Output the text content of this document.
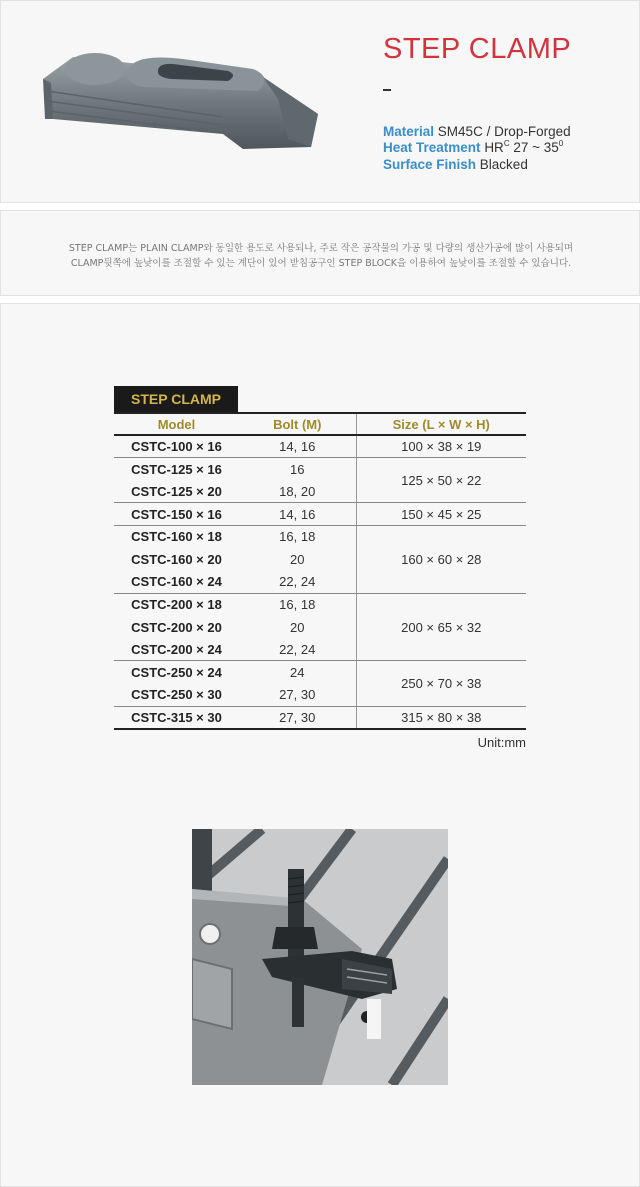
STEP CLAMP
Material SM45C / Drop-Forged
Heat Treatment $HR^C$ 27 ~ $35^0$
Surface Finish Blacked
STEP CLAMP는 PLAIN CLAMP와 동일한 용도로 사용되나, 주로 작은 공작물의 가공 및 다량의 생산가공에 많이 사용되며
CLAMP뒷쪽에 높낮이를 조절할 수 있는 계단이 있어 받침공구인 STEP BLOCK을 이용하여 높낮이를 조절할 수 있습니다.
STEP CLAMP
Model	Bolt (M)	Size (L × W × H)
CSTC-100 × 16	14, 16	100 × 38 × 19
CSTC-125 × 16	16	125 × 50 × 22
CSTC-125 × 20	18, 20	
CSTC-150 × 16	14, 16	150 × 45 × 25
CSTC-160 × 18	16, 18	160 × 60 × 28
CSTC-160 × 20	20	
CSTC-160 × 24	22, 24	
CSTC-200 × 18	16, 18	200 × 65 × 32
CSTC-200 × 20	20	
CSTC-200 × 24	22, 24	
CSTC-250 × 24	24	250 × 70 × 38
CSTC-250 × 30	27, 30	
CSTC-315 × 30	27, 30	315 × 80 × 38
Unit:mm
